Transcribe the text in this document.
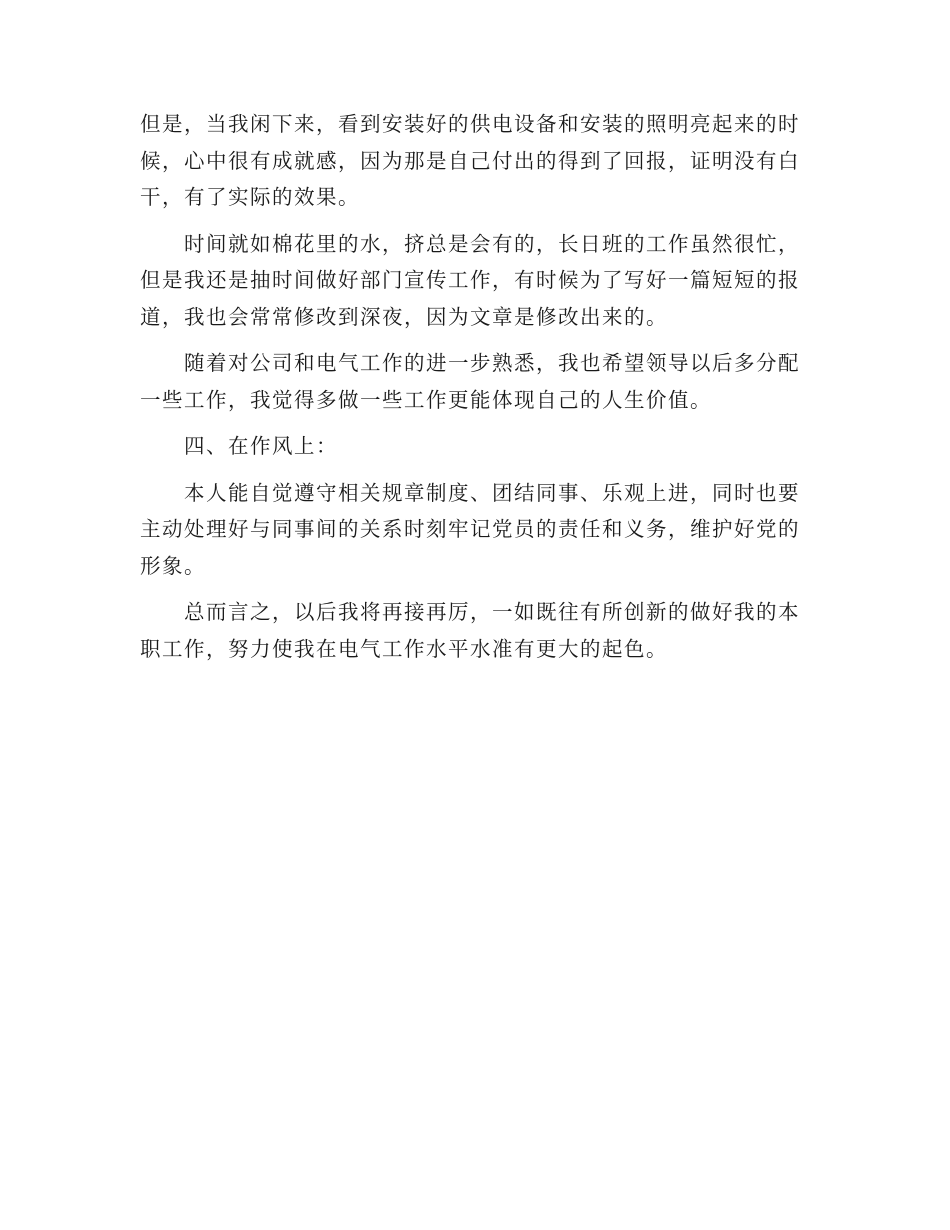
但是，当我闲下来，看到安装好的供电设备和安装的照明亮起来的时候，心中很有成就感，因为那是自己付出的得到了回报，证明没有白干，有了实际的效果。

时间就如棉花里的水，挤总是会有的，长日班的工作虽然很忙，但是我还是抽时间做好部门宣传工作，有时候为了写好一篇短短的报道，我也会常常修改到深夜，因为文章是修改出来的。

随着对公司和电气工作的进一步熟悉，我也希望领导以后多分配一些工作，我觉得多做一些工作更能体现自己的人生价值。

四、在作风上：

本人能自觉遵守相关规章制度、团结同事、乐观上进，同时也要主动处理好与同事间的关系时刻牢记党员的责任和义务，维护好党的形象。

总而言之，以后我将再接再厉，一如既往有所创新的做好我的本职工作，努力使我在电气工作水平水准有更大的起色。
